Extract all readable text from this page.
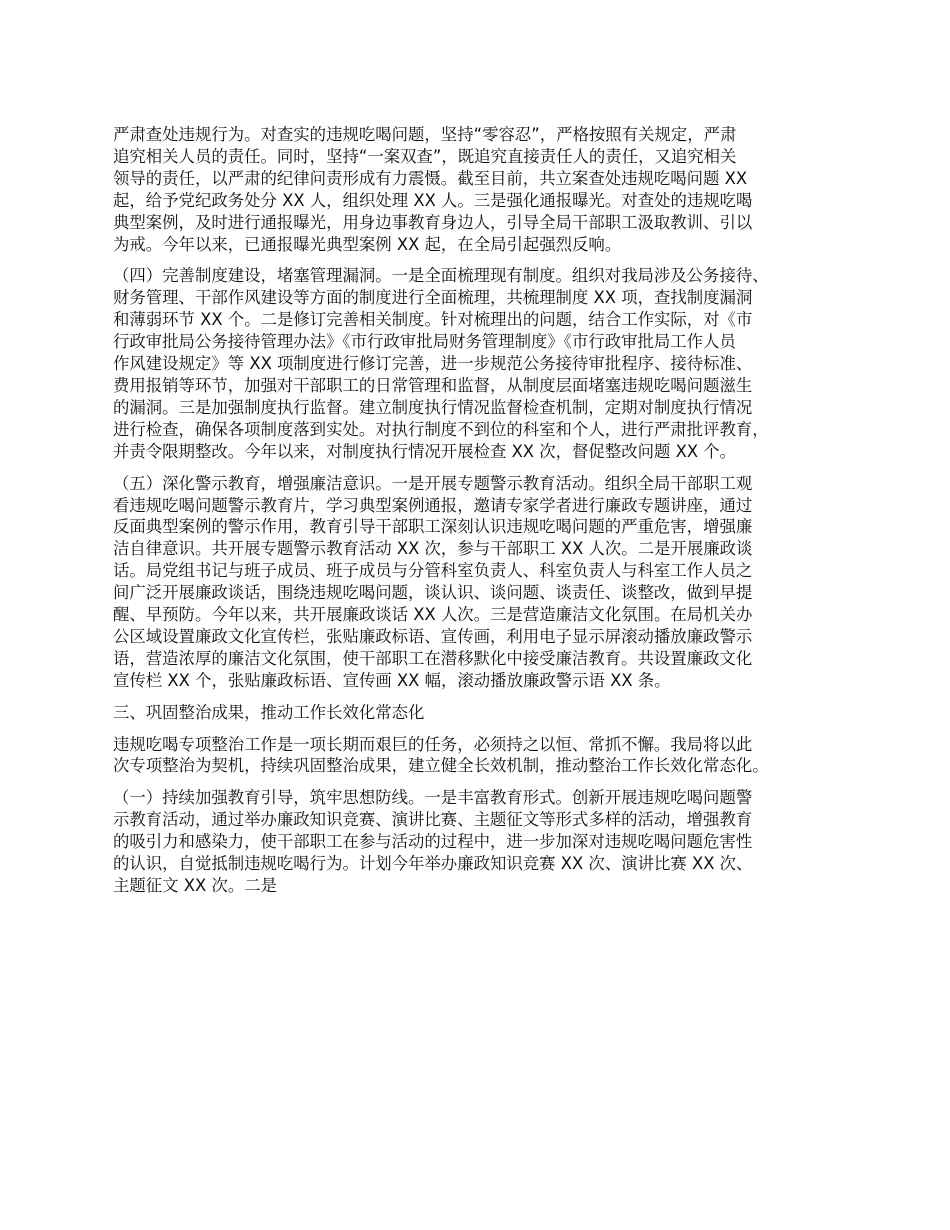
严肃查处违规行为。对查实的违规吃喝问题，坚持“零容忍”，严格按照有关规定，严肃
追究相关人员的责任。同时，坚持“一案双查”，既追究直接责任人的责任，又追究相关
领导的责任，以严肃的纪律问责形成有力震慑。截至目前，共立案查处违规吃喝问题 XX
起，给予党纪政务处分 XX 人，组织处理 XX 人。三是强化通报曝光。对查处的违规吃喝
典型案例，及时进行通报曝光，用身边事教育身边人，引导全局干部职工汲取教训、引以
为戒。今年以来，已通报曝光典型案例 XX 起，在全局引起强烈反响。
（四）完善制度建设，堵塞管理漏洞。一是全面梳理现有制度。组织对我局涉及公务接待、
财务管理、干部作风建设等方面的制度进行全面梳理，共梳理制度 XX 项，查找制度漏洞
和薄弱环节 XX 个。二是修订完善相关制度。针对梳理出的问题，结合工作实际，对《市
行政审批局公务接待管理办法》《市行政审批局财务管理制度》《市行政审批局工作人员
作风建设规定》等 XX 项制度进行修订完善，进一步规范公务接待审批程序、接待标准、
费用报销等环节，加强对干部职工的日常管理和监督，从制度层面堵塞违规吃喝问题滋生
的漏洞。三是加强制度执行监督。建立制度执行情况监督检查机制，定期对制度执行情况
进行检查，确保各项制度落到实处。对执行制度不到位的科室和个人，进行严肃批评教育，
并责令限期整改。今年以来，对制度执行情况开展检查 XX 次，督促整改问题 XX 个。
（五）深化警示教育，增强廉洁意识。一是开展专题警示教育活动。组织全局干部职工观
看违规吃喝问题警示教育片，学习典型案例通报，邀请专家学者进行廉政专题讲座，通过
反面典型案例的警示作用，教育引导干部职工深刻认识违规吃喝问题的严重危害，增强廉
洁自律意识。共开展专题警示教育活动 XX 次，参与干部职工 XX 人次。二是开展廉政谈
话。局党组书记与班子成员、班子成员与分管科室负责人、科室负责人与科室工作人员之
间广泛开展廉政谈话，围绕违规吃喝问题，谈认识、谈问题、谈责任、谈整改，做到早提
醒、早预防。今年以来，共开展廉政谈话 XX 人次。三是营造廉洁文化氛围。在局机关办
公区域设置廉政文化宣传栏，张贴廉政标语、宣传画，利用电子显示屏滚动播放廉政警示
语，营造浓厚的廉洁文化氛围，使干部职工在潜移默化中接受廉洁教育。共设置廉政文化
宣传栏 XX 个，张贴廉政标语、宣传画 XX 幅，滚动播放廉政警示语 XX 条。
三、巩固整治成果，推动工作长效化常态化
违规吃喝专项整治工作是一项长期而艰巨的任务，必须持之以恒、常抓不懈。我局将以此
次专项整治为契机，持续巩固整治成果，建立健全长效机制，推动整治工作长效化常态化。
（一）持续加强教育引导，筑牢思想防线。一是丰富教育形式。创新开展违规吃喝问题警
示教育活动，通过举办廉政知识竞赛、演讲比赛、主题征文等形式多样的活动，增强教育
的吸引力和感染力，使干部职工在参与活动的过程中，进一步加深对违规吃喝问题危害性
的认识，自觉抵制违规吃喝行为。计划今年举办廉政知识竞赛 XX 次、演讲比赛 XX 次、
主题征文 XX 次。二是
